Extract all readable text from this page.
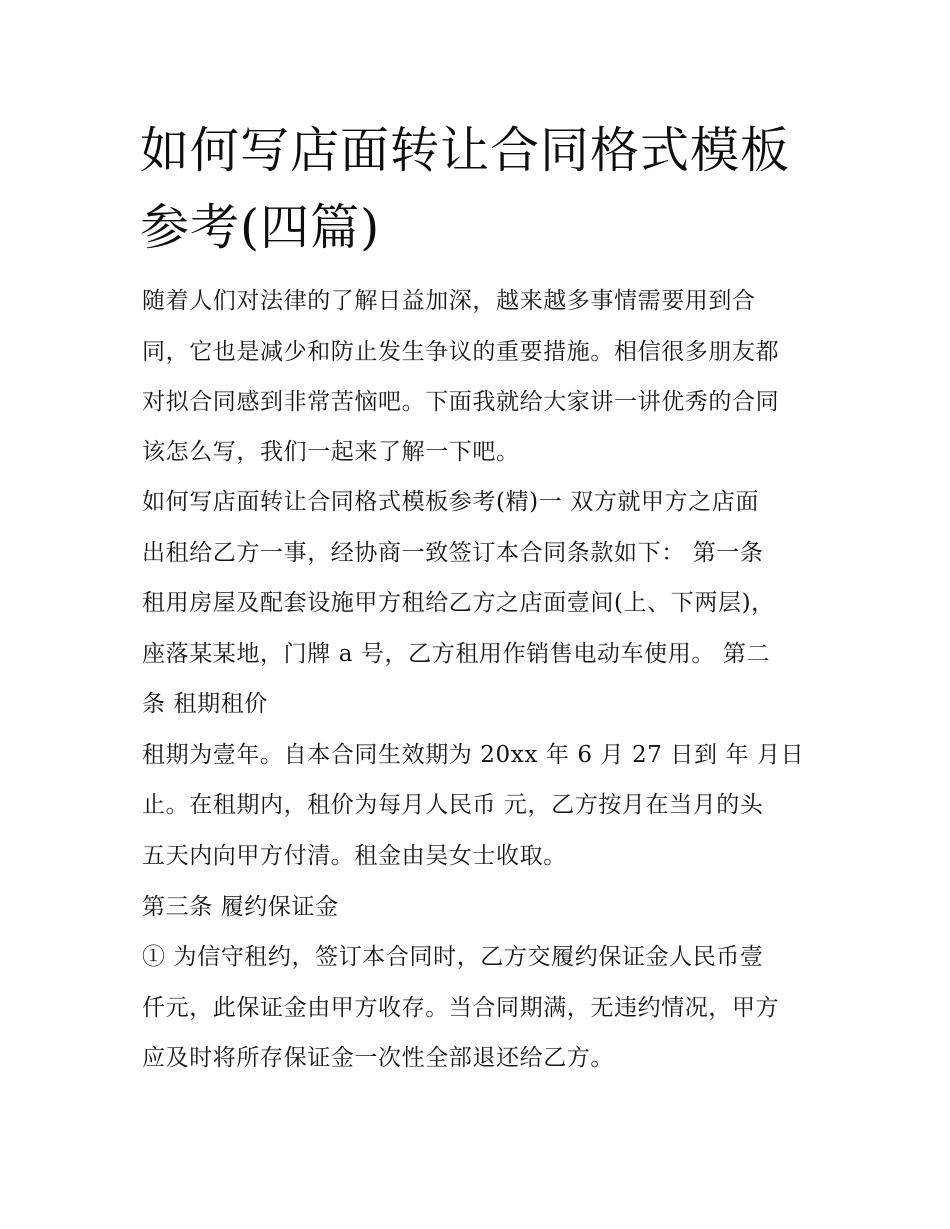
如何写店面转让合同格式模板
参考(四篇)
随着人们对法律的了解日益加深，越来越多事情需要用到合
同，它也是减少和防止发生争议的重要措施。相信很多朋友都
对拟合同感到非常苦恼吧。下面我就给大家讲一讲优秀的合同
该怎么写，我们一起来了解一下吧。
如何写店面转让合同格式模板参考(精)一 双方就甲方之店面
出租给乙方一事，经协商一致签订本合同条款如下： 第一条
租用房屋及配套设施甲方租给乙方之店面壹间(上、下两层)，
座落某某地，门牌 a 号，乙方租用作销售电动车使用。 第二
条 租期租价
租期为壹年。自本合同生效期为 20xx 年 6 月 27 日到 年 月日
止。在租期内，租价为每月人民币 元，乙方按月在当月的头
五天内向甲方付清。租金由吴女士收取。
第三条 履约保证金
① 为信守租约，签订本合同时，乙方交履约保证金人民币壹
仟元，此保证金由甲方收存。当合同期满，无违约情况，甲方
应及时将所存保证金一次性全部退还给乙方。
